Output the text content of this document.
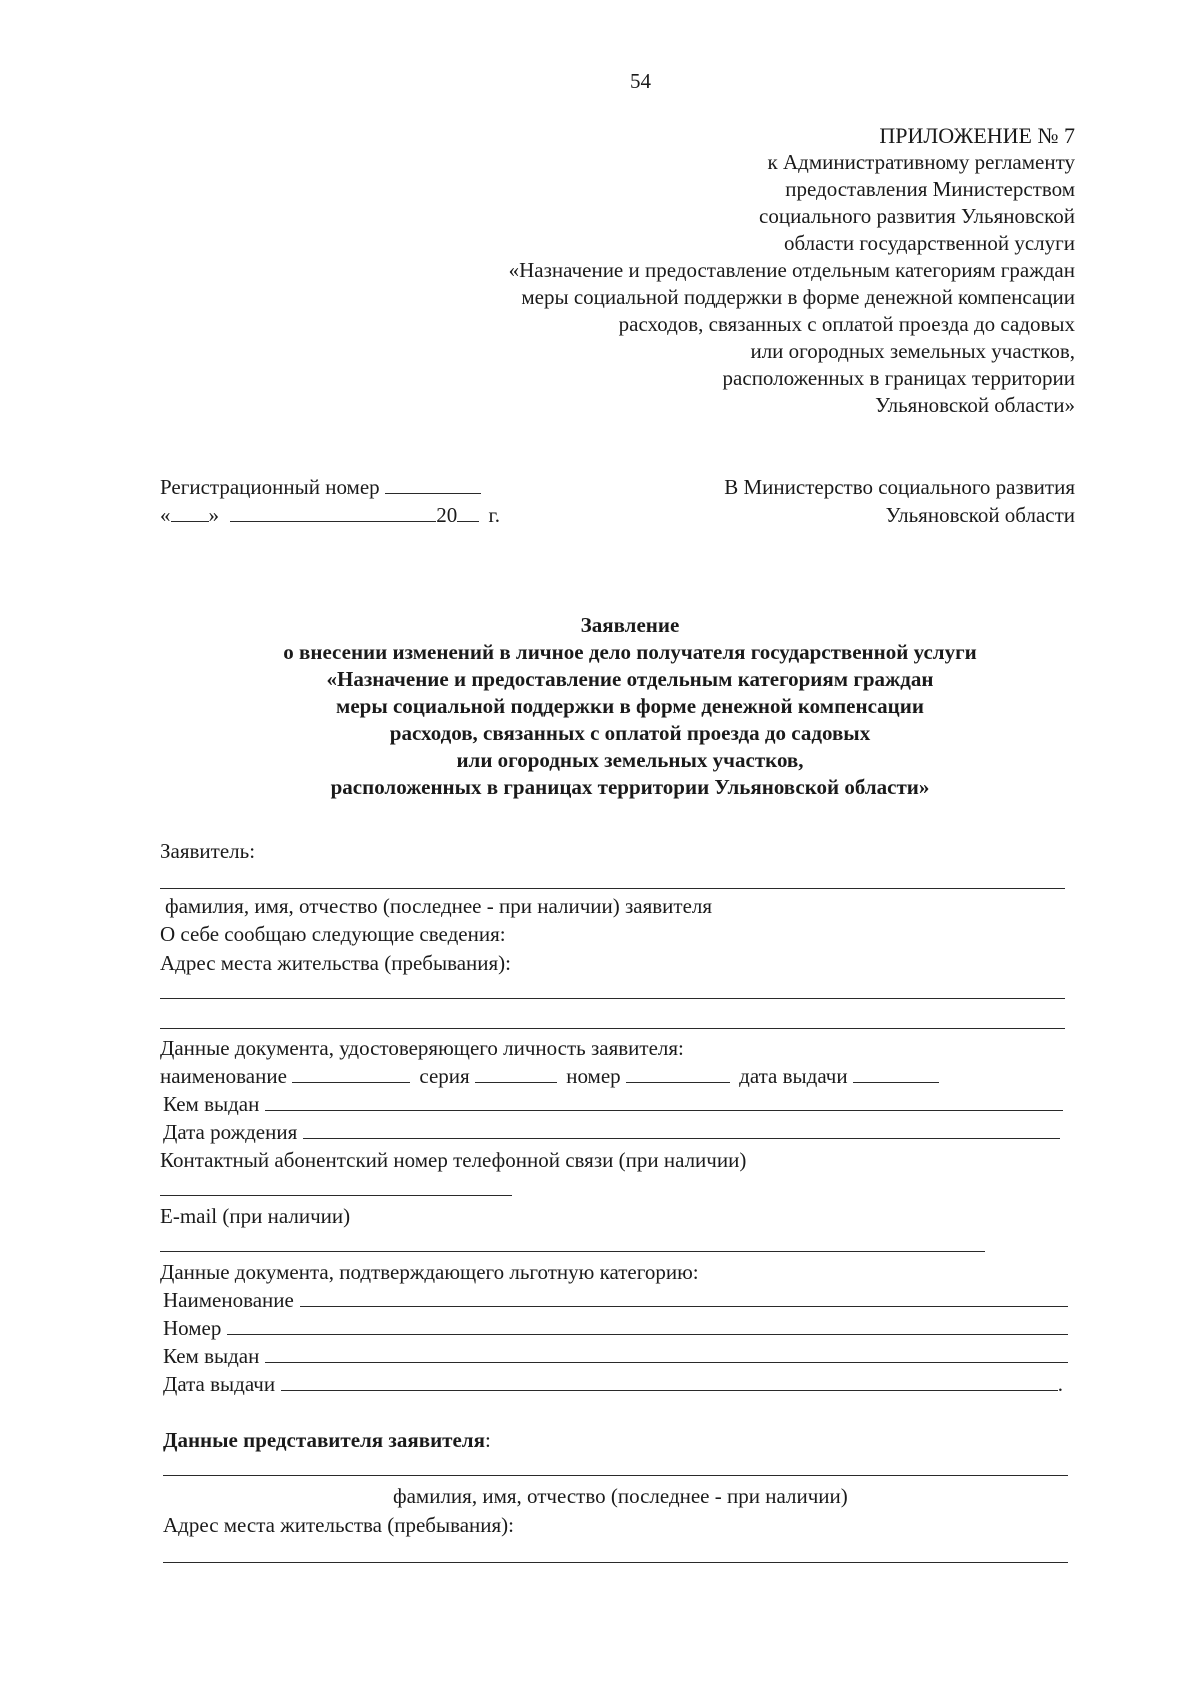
54
ПРИЛОЖЕНИЕ № 7
к Административному регламенту
предоставления Министерством
социального развития Ульяновской
области государственной услуги
«Назначение и предоставление отдельным категориям граждан
меры социальной поддержки в форме денежной компенсации
расходов, связанных с оплатой проезда до садовых
или огородных земельных участков,
расположенных в границах территории
Ульяновской области»
Регистрационный номер
« »	20 г.
В Министерство социального развития
Ульяновской области
Заявление
о внесении изменений в личное дело получателя государственной услуги
«Назначение и предоставление отдельным категориям граждан
меры социальной поддержки в форме денежной компенсации
расходов, связанных с оплатой проезда до садовых
или огородных земельных участков,
расположенных в границах территории Ульяновской области»
Заявитель:
фамилия, имя, отчество (последнее - при наличии) заявителя
О себе сообщаю следующие сведения:
Адрес места жительства (пребывания):
Данные документа, удостоверяющего личность заявителя:
наименование	серия	номер	дата выдачи
Кем выдан
Дата рождения
Контактный абонентский номер телефонной связи (при наличии)
E-mail (при наличии)
Данные документа, подтверждающего льготную категорию:
Наименование
Номер
Кем выдан
Дата выдачи	.
Данные представителя заявителя:
фамилия, имя, отчество (последнее - при наличии)
Адрес места жительства (пребывания):
